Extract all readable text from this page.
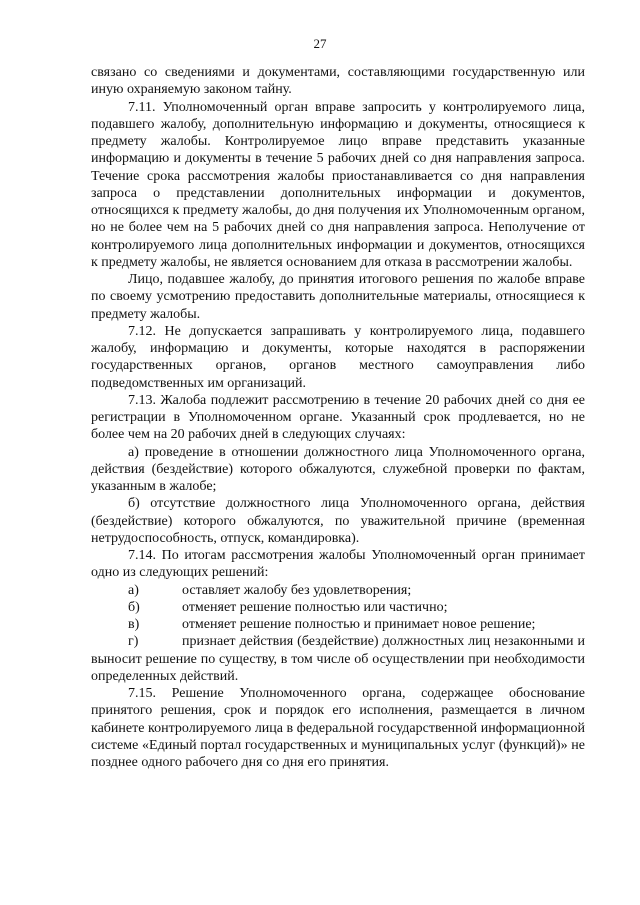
27

связано со сведениями и документами, составляющими государственную или иную охраняемую законом тайну.

7.11. Уполномоченный орган вправе запросить у контролируемого лица, подавшего жалобу, дополнительную информацию и документы, относящиеся к предмету жалобы. Контролируемое лицо вправе представить указанные информацию и документы в течение 5 рабочих дней со дня направления запроса. Течение срока рассмотрения жалобы приостанавливается со дня направления запроса о представлении дополнительных информации и документов, относящихся к предмету жалобы, до дня получения их Уполномоченным органом, но не более чем на 5 рабочих дней со дня направления запроса. Неполучение от контролируемого лица дополнительных информации и документов, относящихся к предмету жалобы, не является основанием для отказа в рассмотрении жалобы.

Лицо, подавшее жалобу, до принятия итогового решения по жалобе вправе по своему усмотрению предоставить дополнительные материалы, относящиеся к предмету жалобы.

7.12. Не допускается запрашивать у контролируемого лица, подавшего жалобу, информацию и документы, которые находятся в распоряжении государственных органов, органов местного самоуправления либо подведомственных им организаций.

7.13. Жалоба подлежит рассмотрению в течение 20 рабочих дней со дня ее регистрации в Уполномоченном органе. Указанный срок продлевается, но не более чем на 20 рабочих дней в следующих случаях:

а) проведение в отношении должностного лица Уполномоченного органа, действия (бездействие) которого обжалуются, служебной проверки по фактам, указанным в жалобе;

б) отсутствие должностного лица Уполномоченного органа, действия (бездействие) которого обжалуются, по уважительной причине (временная нетрудоспособность, отпуск, командировка).

7.14. По итогам рассмотрения жалобы Уполномоченный орган принимает одно из следующих решений:

а)	оставляет жалобу без удовлетворения;
б)	отменяет решение полностью или частично;
в)	отменяет решение полностью и принимает новое решение;

г)	признает действия (бездействие) должностных лиц незаконными и выносит решение по существу, в том числе об осуществлении при необходимости определенных действий.

7.15. Решение Уполномоченного органа, содержащее обоснование принятого решения, срок и порядок его исполнения, размещается в личном кабинете контролируемого лица в федеральной государственной информационной системе «Единый портал государственных и муниципальных услуг (функций)» не позднее одного рабочего дня со дня его принятия.
